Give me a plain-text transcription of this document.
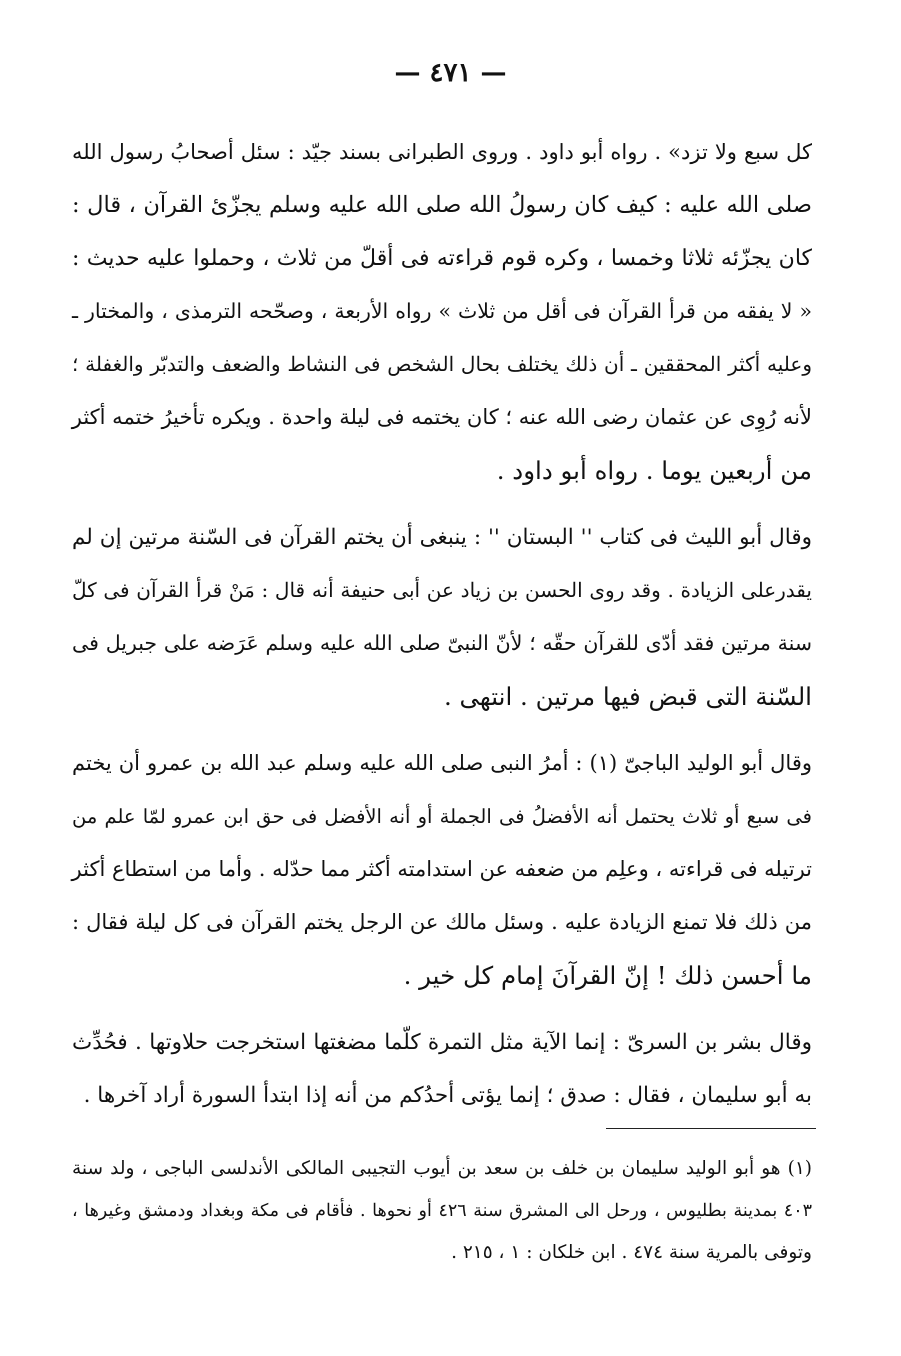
— ٤٧١ —
كل سبع ولا تزد» . رواه أبو داود . وروى الطبرانى بسند جيّد : سئل أصحابُ رسول الله
صلى الله عليه : كيف كان رسولُ الله صلى الله عليه وسلم يجزّئ القرآن ، قال :
كان يجزّئه ثلاثا وخمسا ، وكره قوم قراءته فى أقلّ من ثلاث ، وحملوا عليه حديث :
« لا يفقه من قرأ القرآن فى أقل من ثلاث » رواه الأربعة ، وصحّحه الترمذى ، والمختار ـ
وعليه أكثر المحققين ـ أن ذلك يختلف بحال الشخص فى النشاط والضعف والتدبّر والغفلة ؛
لأنه رُوِى عن عثمان رضى الله عنه ؛ كان يختمه فى ليلة واحدة . ويكره تأخيرُ ختمه أكثر
من أربعين يوما . رواه أبو داود .
وقال أبو الليث فى كتاب '' البستان '' : ينبغى أن يختم القرآن فى السّنة مرتين إن لم
يقدرعلى الزيادة . وقد روى الحسن بن زياد عن أبى حنيفة أنه قال : مَنْ قرأ القرآن فى كلّ
سنة مرتين فقد أدّى للقرآن حقّه ؛ لأنّ النبىّ صلى الله عليه وسلم عَرَضه على جبريل فى
السّنة التى قبض فيها مرتين . انتهى .
وقال أبو الوليد الباجىّ (١) : أمرُ النبى صلى الله عليه وسلم عبد الله بن عمرو أن يختم
فى سبع أو ثلاث يحتمل أنه الأفضلُ فى الجملة أو أنه الأفضل فى حق ابن عمرو لمّا علم من
ترتيله فى قراءته ، وعلِم من ضعفه عن استدامته أكثر مما حدّله . وأما من استطاع أكثر
من ذلك فلا تمنع الزيادة عليه . وسئل مالك عن الرجل يختم القرآن فى كل ليلة فقال :
ما أحسن ذلك ! إنّ القرآنَ إمام كل خير .
وقال بشر بن السرىّ : إنما الآية مثل التمرة كلّما مضغتها استخرجت حلاوتها . فحُدِّث
به أبو سليمان ، فقال : صدق ؛ إنما يؤتى أحدُكم من أنه إذا ابتدأ السورة أراد آخرها .
(١) هو أبو الوليد سليمان بن خلف بن سعد بن أيوب التجيبى المالكى الأندلسى الباجى ، ولد سنة
٤٠٣ بمدينة بطليوس ، ورحل الى المشرق سنة ٤٢٦ أو نحوها . فأقام فى مكة وبغداد ودمشق وغيرها ،
وتوفى بالمرية سنة ٤٧٤ . ابن خلكان : ١ ، ٢١٥ .
